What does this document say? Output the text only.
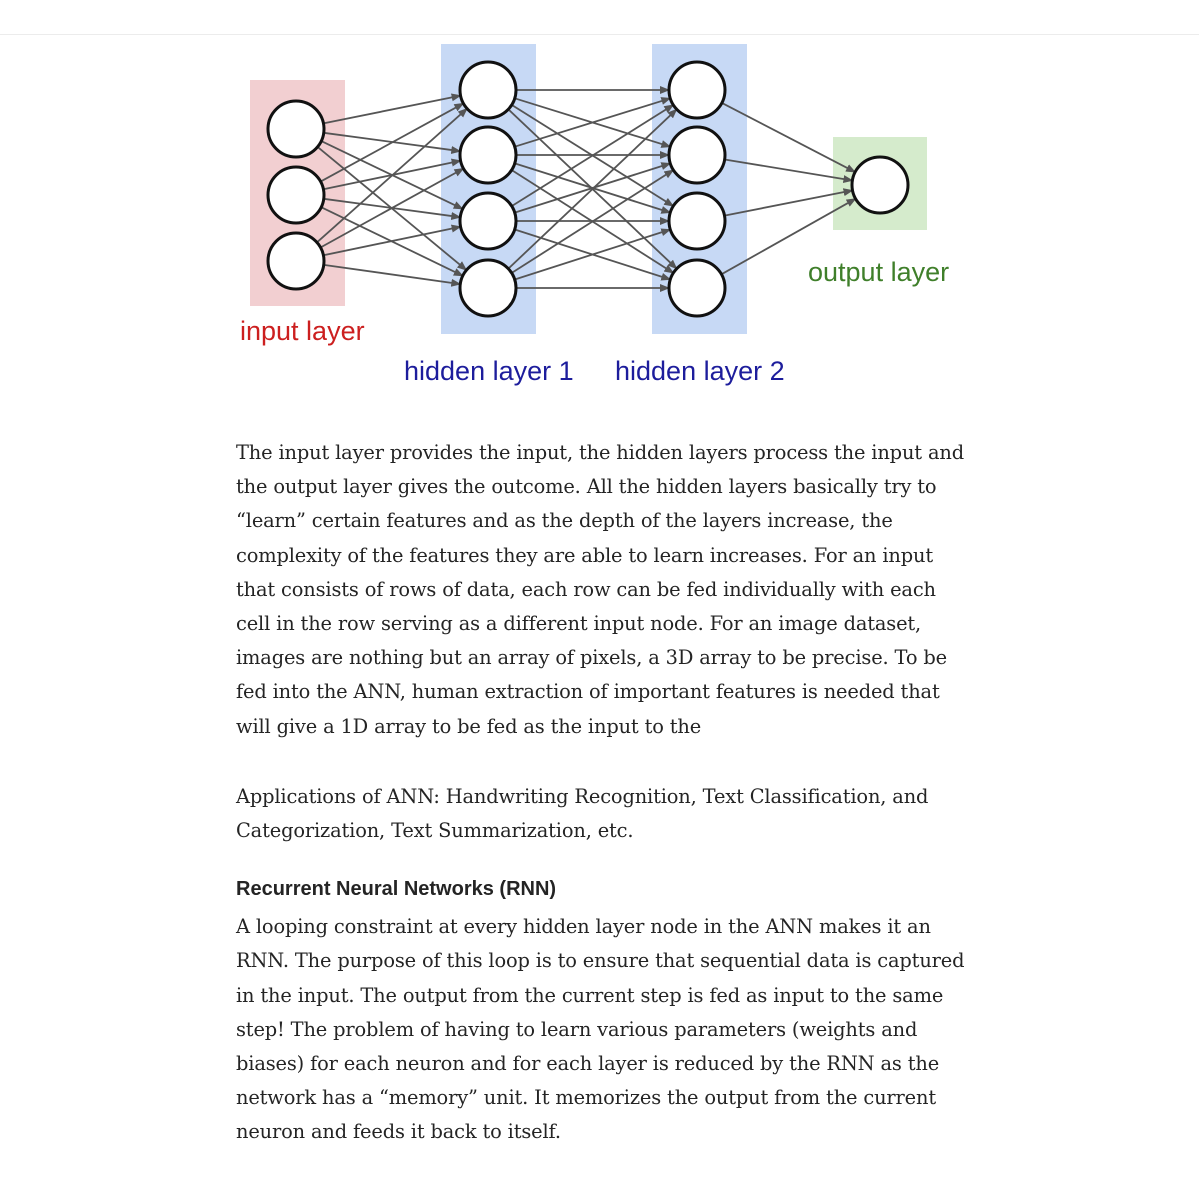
input layer
hidden layer 1 hidden layer 2
output layer

The input layer provides the input, the hidden layers process the input and the output layer gives the outcome. All the hidden layers basically try to “learn” certain features and as the depth of the layers increase, the complexity of the features they are able to learn increases. For an input that consists of rows of data, each row can be fed individually with each cell in the row serving as a different input node. For an image dataset, images are nothing but an array of pixels, a 3D array to be precise. To be fed into the ANN, human extraction of important features is needed that will give a 1D array to be fed as the input to the

Applications of ANN: Handwriting Recognition, Text Classification, and Categorization, Text Summarization, etc.

Recurrent Neural Networks (RNN)

A looping constraint at every hidden layer node in the ANN makes it an RNN. The purpose of this loop is to ensure that sequential data is captured in the input. The output from the current step is fed as input to the same step! The problem of having to learn various parameters (weights and biases) for each neuron and for each layer is reduced by the RNN as the network has a “memory” unit. It memorizes the output from the current neuron and feeds it back to itself.
